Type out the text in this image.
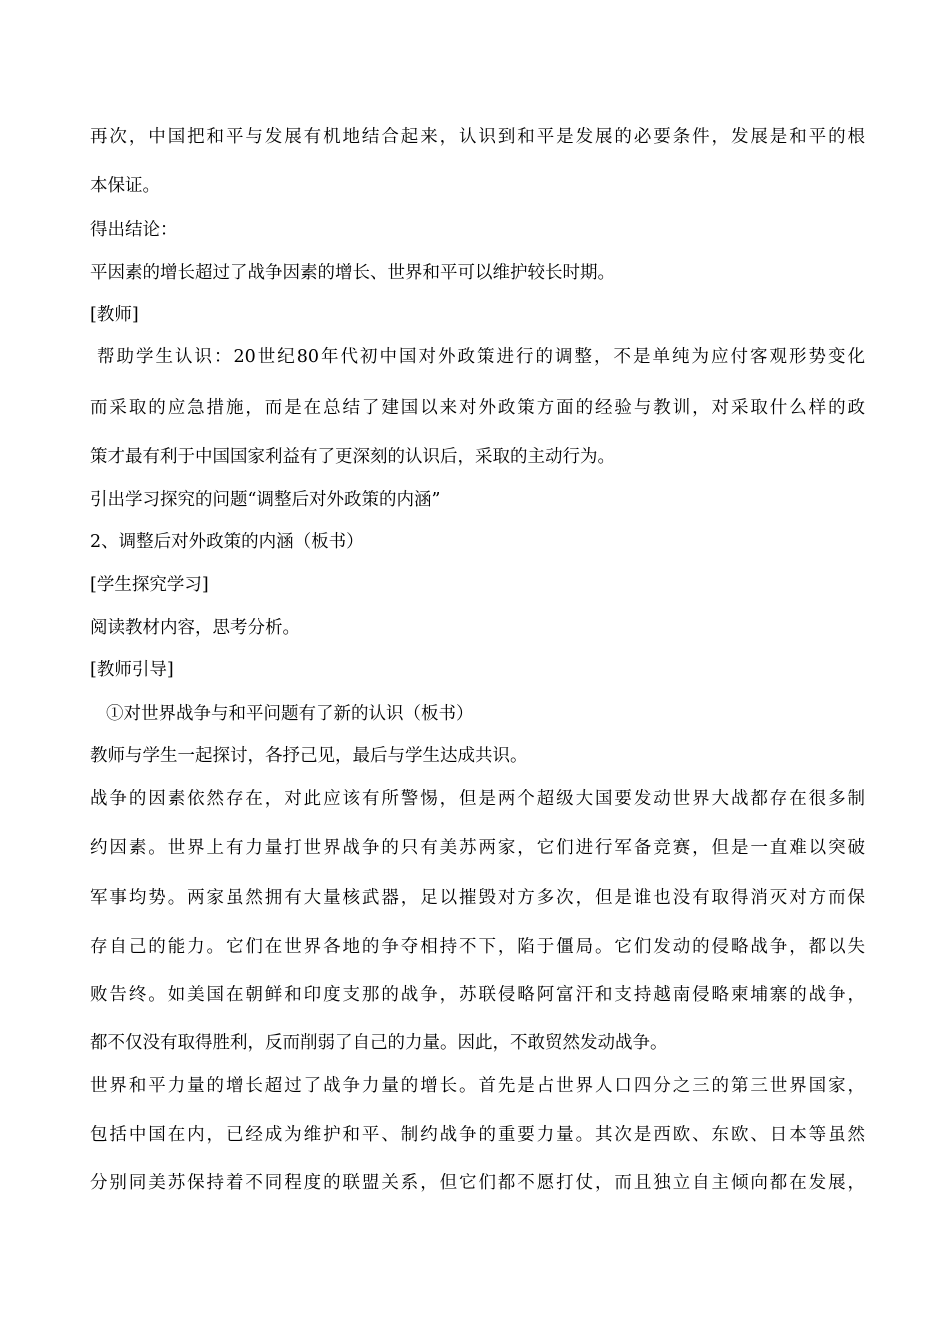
再次，中国把和平与发展有机地结合起来，认识到和平是发展的必要条件，发展是和平的根
本保证。
得出结论：
平因素的增长超过了战争因素的增长、世界和平可以维护较长时期。
[教师]
帮助学生认识：20世纪80年代初中国对外政策进行的调整，不是单纯为应付客观形势变化
而采取的应急措施，而是在总结了建国以来对外政策方面的经验与教训，对采取什么样的政
策才最有利于中国国家利益有了更深刻的认识后，采取的主动行为。
引出学习探究的问题“调整后对外政策的内涵”
2、调整后对外政策的内涵（板书）
[学生探究学习]
阅读教材内容，思考分析。
[教师引导]
①对世界战争与和平问题有了新的认识（板书）
教师与学生一起探讨，各抒己见，最后与学生达成共识。
战争的因素依然存在，对此应该有所警惕，但是两个超级大国要发动世界大战都存在很多制
约因素。世界上有力量打世界战争的只有美苏两家，它们进行军备竞赛，但是一直难以突破
军事均势。两家虽然拥有大量核武器，足以摧毁对方多次，但是谁也没有取得消灭对方而保
存自己的能力。它们在世界各地的争夺相持不下，陷于僵局。它们发动的侵略战争，都以失
败告终。如美国在朝鲜和印度支那的战争，苏联侵略阿富汗和支持越南侵略柬埔寨的战争，
都不仅没有取得胜利，反而削弱了自己的力量。因此，不敢贸然发动战争。
世界和平力量的增长超过了战争力量的增长。首先是占世界人口四分之三的第三世界国家，
包括中国在内，已经成为维护和平、制约战争的重要力量。其次是西欧、东欧、日本等虽然
分别同美苏保持着不同程度的联盟关系，但它们都不愿打仗，而且独立自主倾向都在发展，
